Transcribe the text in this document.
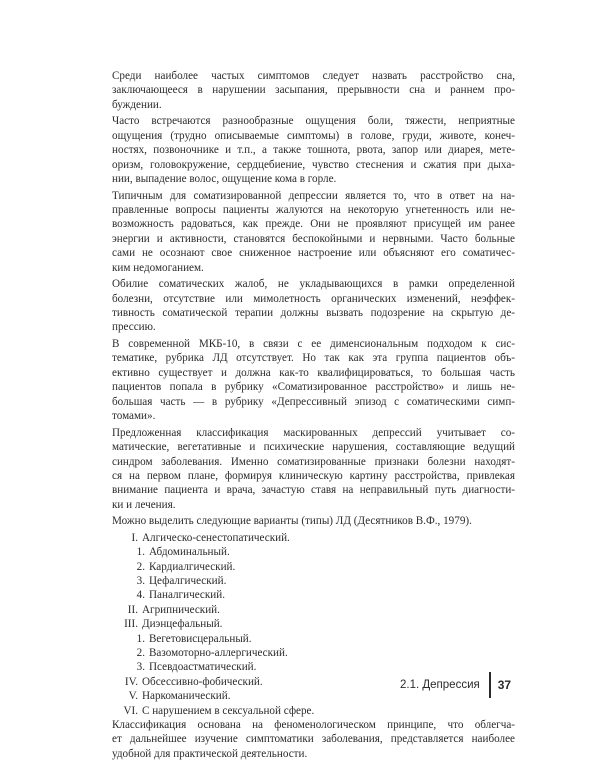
Среди наиболее частых симптомов следует назвать расстройство сна,
заключающееся в нарушении засыпания, прерывности сна и раннем про-
буждении.

Часто встречаются разнообразные ощущения боли, тяжести, неприятные
ощущения (трудно описываемые симптомы) в голове, груди, животе, конеч-
ностях, позвоночнике и т.п., а также тошнота, рвота, запор или диарея, мете-
оризм, головокружение, сердцебиение, чувство стеснения и сжатия при дыха-
нии, выпадение волос, ощущение кома в горле.

Типичным для соматизированной депрессии является то, что в ответ на на-
правленные вопросы пациенты жалуются на некоторую угнетенность или не-
возможность радоваться, как прежде. Они не проявляют присущей им ранее
энергии и активности, становятся беспокойными и нервными. Часто больные
сами не осознают свое сниженное настроение или объясняют его соматичес-
ким недомоганием.

Обилие соматических жалоб, не укладывающихся в рамки определенной
болезни, отсутствие или мимолетность органических изменений, неэффек-
тивность соматической терапии должны вызвать подозрение на скрытую де-
прессию.

В современной МКБ-10, в связи с ее дименсиональным подходом к сис-
тематике, рубрика ЛД отсутствует. Но так как эта группа пациентов объ-
ективно существует и должна как-то квалифицироваться, то большая часть
пациентов попала в рубрику «Соматизированное расстройство» и лишь не-
большая часть — в рубрику «Депрессивный эпизод с соматическими симп-
томами».

Предложенная классификация маскированных депрессий учитывает со-
матические, вегетативные и психические нарушения, составляющие ведущий
синдром заболевания. Именно соматизированные признаки болезни находят-
ся на первом плане, формируя клиническую картину расстройства, привлекая
внимание пациента и врача, зачастую ставя на неправильный путь диагности-
ки и лечения.

Можно выделить следующие варианты (типы) ЛД (Десятников В.Ф., 1979).

I. Алгическо-сенестопатический.
1. Абдоминальный.
2. Кардиалгический.
3. Цефалгический.
4. Паналгический.
II. Агрипнический.
III. Диэнцефальный.
1. Вегетовисцеральный.
2. Вазомоторно-аллергический.
3. Псевдоастматический.
IV. Обсессивно-фобический.
V. Наркоманический.
VI. С нарушением в сексуальной сфере.

Классификация основана на феноменологическом принципе, что облегча-
ет дальнейшее изучение симптоматики заболевания, представляется наиболее
удобной для практической деятельности.

2.1. Депрессия 37
